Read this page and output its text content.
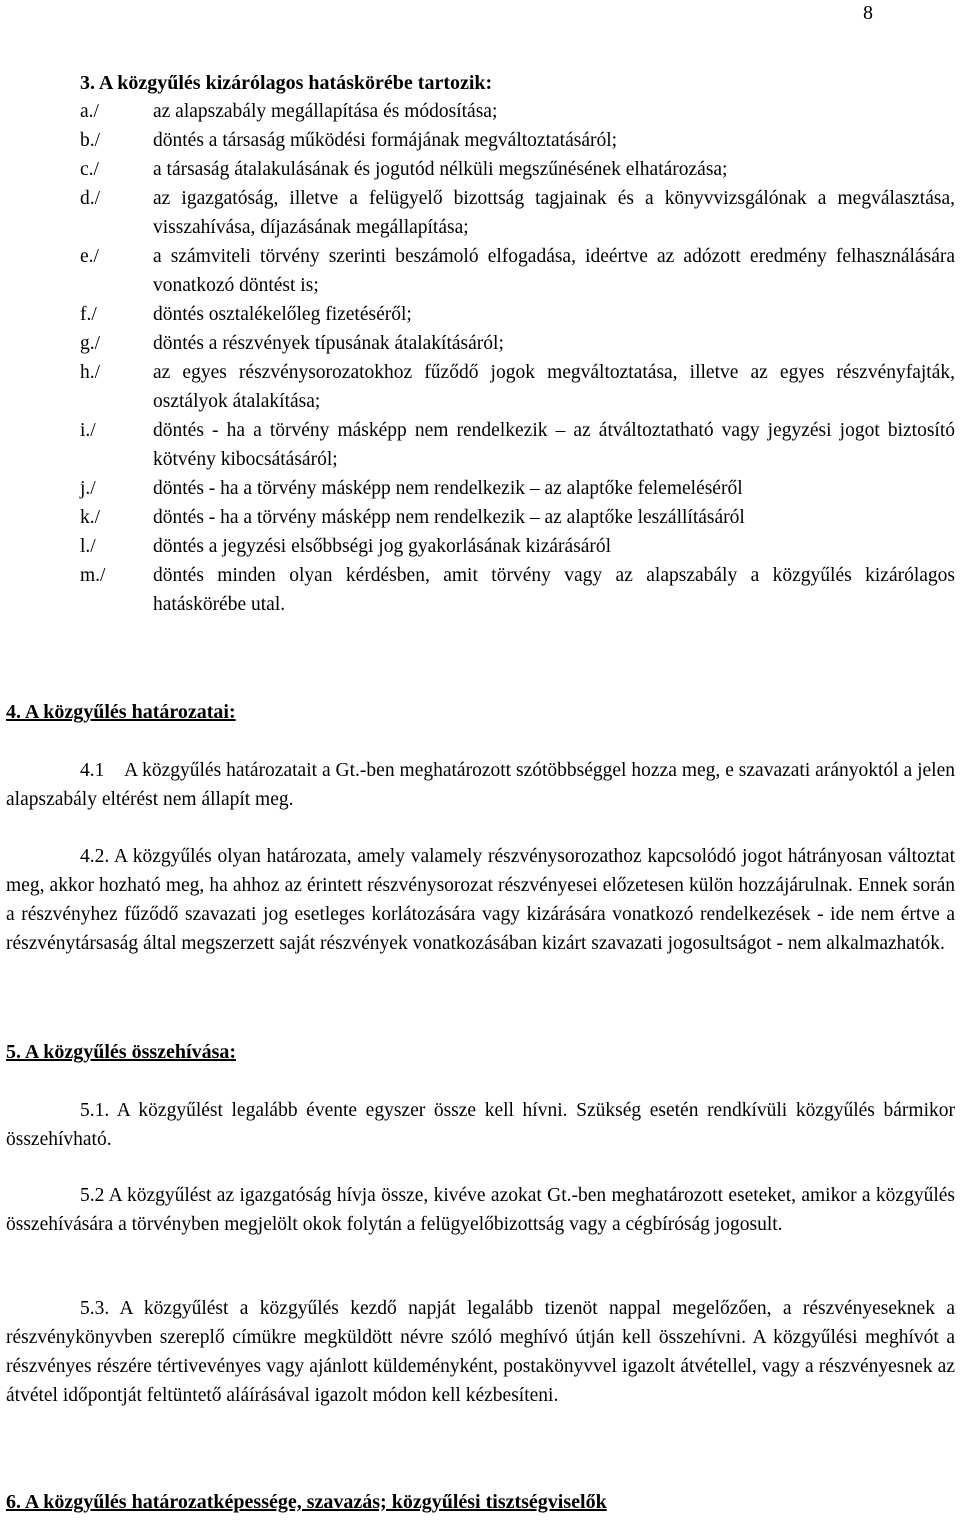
8
3. A közgyűlés kizárólagos hatáskörébe tartozik:
a./	az alapszabály megállapítása és módosítása;
b./	döntés a társaság működési formájának megváltoztatásáról;
c./	a társaság átalakulásának és jogutód nélküli megszűnésének elhatározása;
d./	az igazgatóság, illetve a felügyelő bizottság tagjainak és a könyvvizsgálónak a megválasztása, visszahívása, díjazásának megállapítása;
e./	a számviteli törvény szerinti beszámoló elfogadása, ideértve az adózott eredmény felhasználására vonatkozó döntést is;
f./	döntés osztalékelőleg fizetéséről;
g./	döntés a részvények típusának átalakításáról;
h./	az egyes részvénysorozatokhoz fűződő jogok megváltoztatása, illetve az egyes részvényfajták, osztályok átalakítása;
i./	döntés - ha a törvény másképp nem rendelkezik – az átváltoztatható vagy jegyzési jogot biztosító kötvény kibocsátásáról;
j./	döntés - ha a törvény másképp nem rendelkezik – az alaptőke felemeléséről
k./	döntés - ha a törvény másképp nem rendelkezik – az alaptőke leszállításáról
l./	döntés a jegyzési elsőbbségi jog gyakorlásának kizárásáról
m./	döntés minden olyan kérdésben, amit törvény vagy az alapszabály a közgyűlés kizárólagos hatáskörébe utal.
4. A közgyűlés határozatai:
4.1 A közgyűlés határozatait a Gt.-ben meghatározott szótöbbséggel hozza meg, e szavazati arányoktól a jelen alapszabály eltérést nem állapít meg.
4.2. A közgyűlés olyan határozata, amely valamely részvénysorozathoz kapcsolódó jogot hátrányosan változtat meg, akkor hozható meg, ha ahhoz az érintett részvénysorozat részvényesei előzetesen külön hozzájárulnak. Ennek során a részvényhez fűződő szavazati jog esetleges korlátozására vagy kizárására vonatkozó rendelkezések - ide nem értve a részvénytársaság által megszerzett saját részvények vonatkozásában kizárt szavazati jogosultságot - nem alkalmazhatók.
5. A közgyűlés összehívása:
5.1. A közgyűlést legalább évente egyszer össze kell hívni. Szükség esetén rendkívüli közgyűlés bármikor összehívható.
5.2 A közgyűlést az igazgatóság hívja össze, kivéve azokat Gt.-ben meghatározott eseteket, amikor a közgyűlés összehívására a törvényben megjelölt okok folytán a felügyelőbizottság vagy a cégbíróság jogosult.
5.3. A közgyűlést a közgyűlés kezdő napját legalább tizenöt nappal megelőzően, a részvényeseknek a részvénykönyvben szereplő címükre megküldött névre szóló meghívó útján kell összehívni. A közgyűlési meghívót a részvényes részére tértivevényes vagy ajánlott küldeményként, postakönyvvel igazolt átvétellel, vagy a részvényesnek az átvétel időpontját feltüntető aláírásával igazolt módon kell kézbesíteni.
6. A közgyűlés határozatképessége, szavazás; közgyűlési tisztségviselők
